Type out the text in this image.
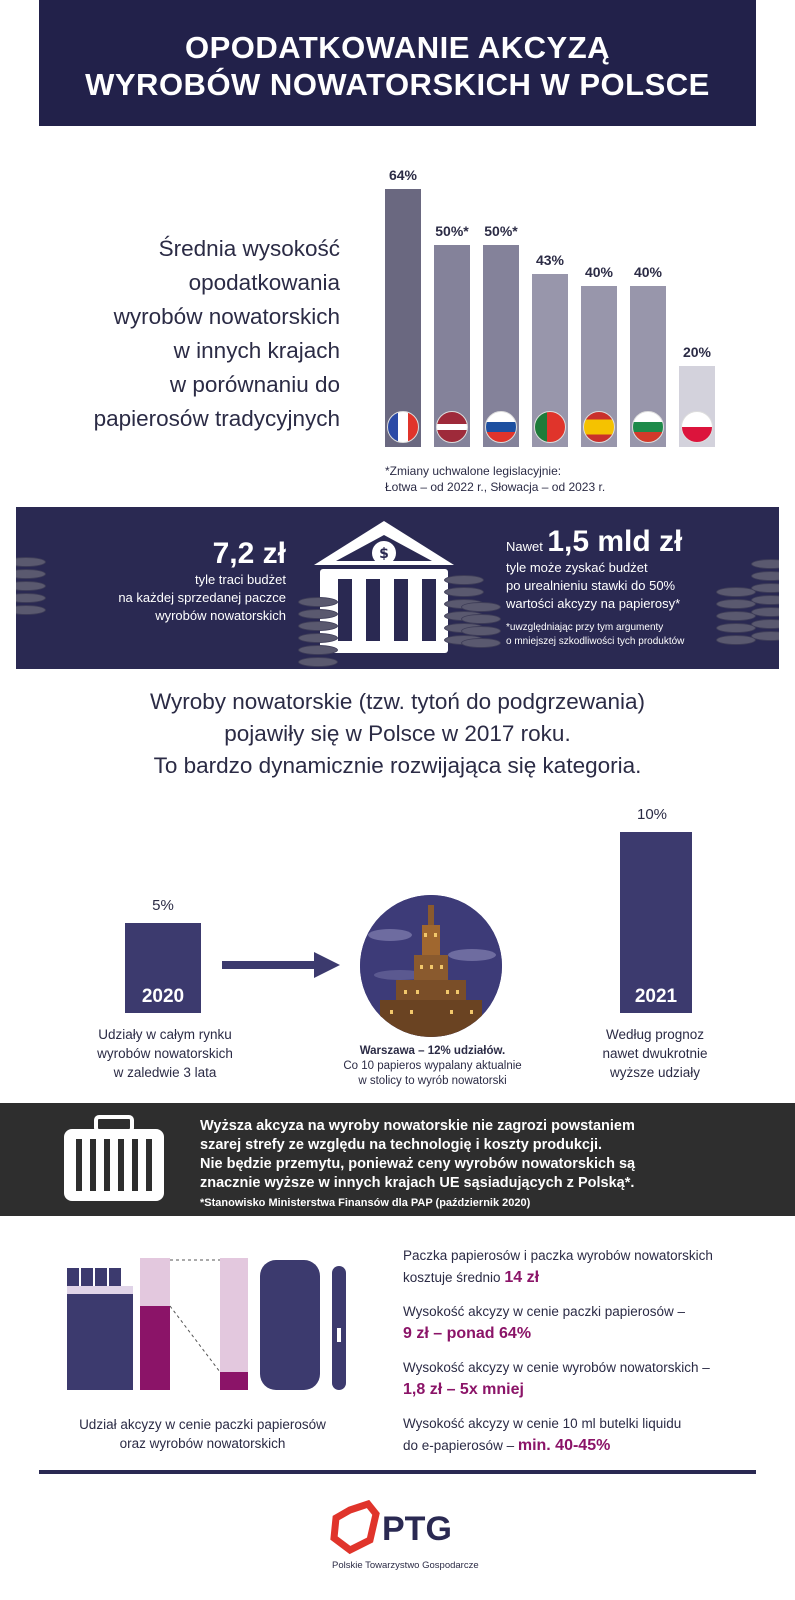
OPODATKOWANIE AKCYZĄ
WYROBÓW NOWATORSKICH W POLSCE
Średnia wysokość
opodatkowania
wyrobów nowatorskich
w innych krajach
w porównaniu do
papierosów tradycyjnych
64%
50%*	50%*
43%
40%	40%
20%
*Zmiany uchwalone legislacyjnie:
Łotwa – od 2022 r., Słowacja – od 2023 r.
7,2 zł
tyle traci budżet
na każdej sprzedanej paczce
wyrobów nowatorskich
$	Nawet 1,5 mld zł
tyle może zyskać budżet
po urealnieniu stawki do 50%
wartości akcyzy na papierosy*
*uwzględniając przy tym argumenty
o mniejszej szkodliwości tych produktów
Wyroby nowatorskie (tzw. tytoń do podgrzewania)
pojawiły się w Polsce w 2017 roku.
To bardzo dynamicznie rozwijająca się kategoria.
5%
2020
10%
2021
Udziały w całym rynku
wyrobów nowatorskich
w zaledwie 3 lata
Warszawa – 12% udziałów.
Co 10 papieros wypalany aktualnie
w stolicy to wyrób nowatorski
Według prognoz
nawet dwukrotnie
wyższe udziały
Wyższa akcyza na wyroby nowatorskie nie zagrozi powstaniem
szarej strefy ze względu na technologię i koszty produkcji.
Nie będzie przemytu, ponieważ ceny wyrobów nowatorskich są
znacznie wyższe w innych krajach UE sąsiadujących z Polską*.
*Stanowisko Ministerstwa Finansów dla PAP (październik 2020)
Udział akcyzy w cenie paczki papierosów
oraz wyrobów nowatorskich
Paczka papierosów i paczka wyrobów nowatorskich
kosztuje średnio 14 zł
Wysokość akcyzy w cenie paczki papierosów –
9 zł – ponad 64%
Wysokość akcyzy w cenie wyrobów nowatorskich –
1,8 zł – 5x mniej
Wysokość akcyzy w cenie 10 ml butelki liquidu
do e-papierosów – min. 40-45%
PTG
Polskie Towarzystwo Gospodarcze
